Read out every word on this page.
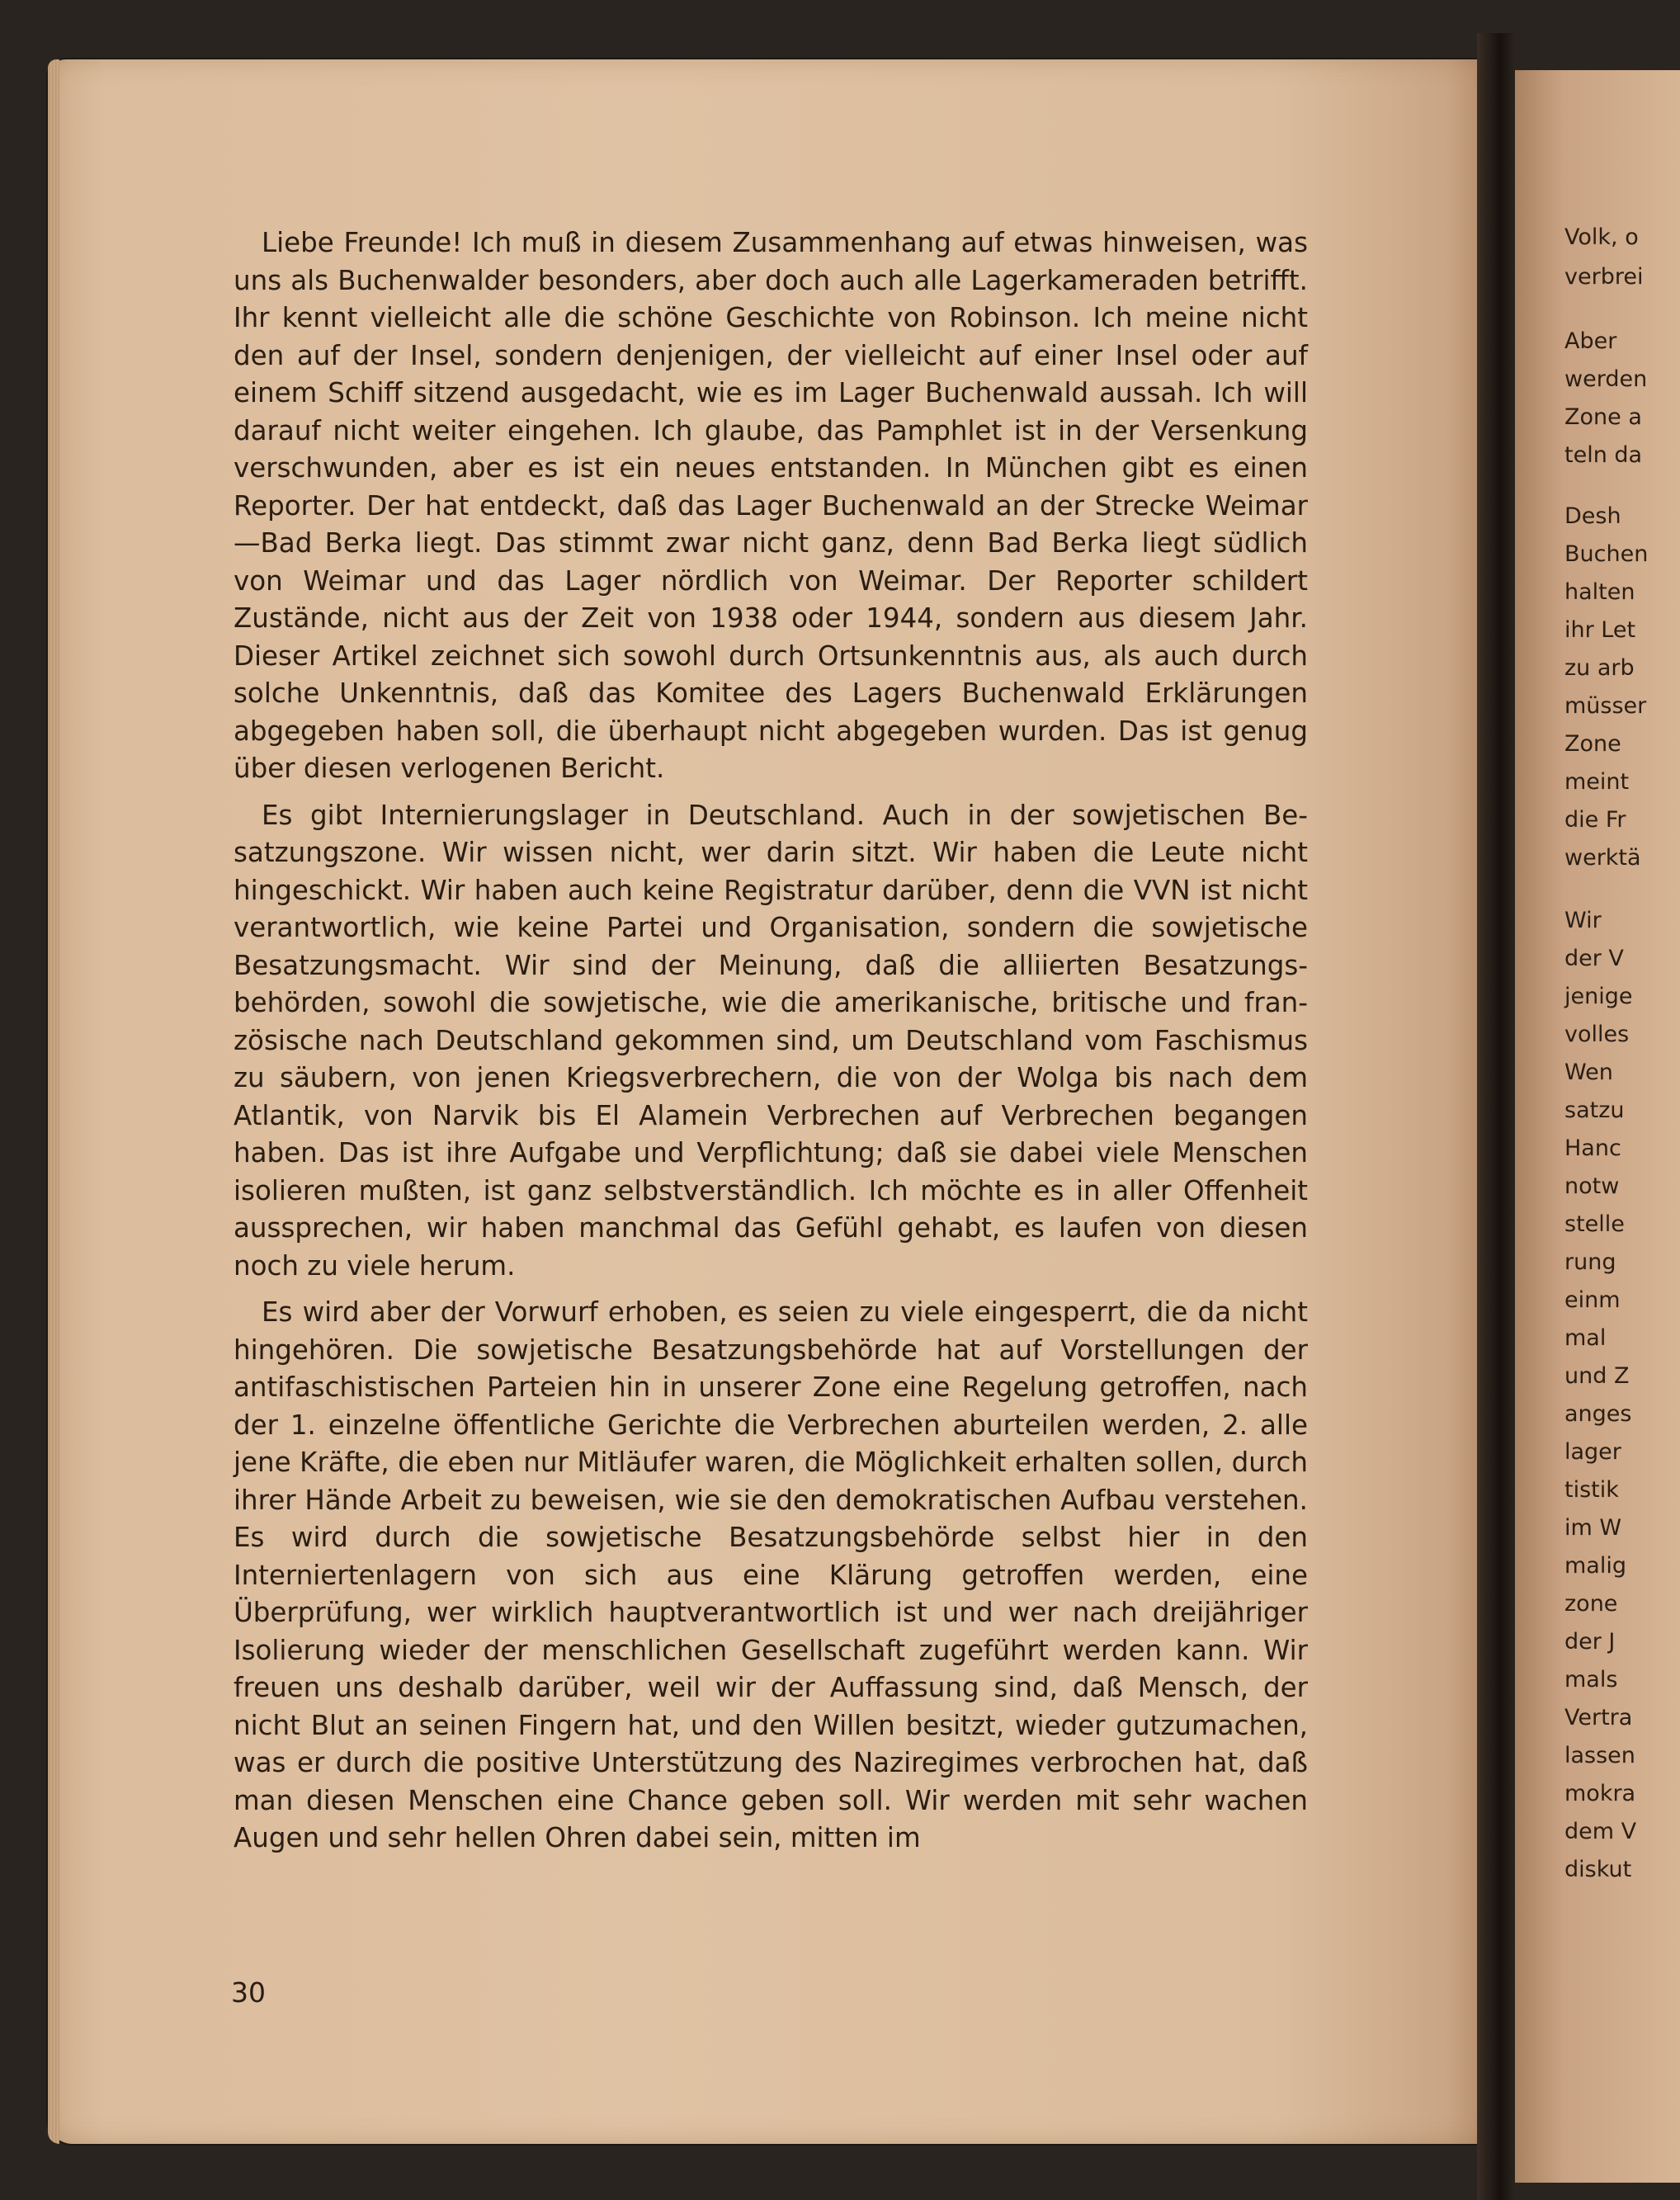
Liebe Freunde! Ich muß in diesem Zusammenhang auf etwas hinweisen, was uns als Buchenwalder besonders, aber doch auch alle Lagerkameraden betrifft. Ihr kennt vielleicht alle die schöne Geschichte von Robinson. Ich meine nicht den auf der Insel, sondern denjenigen, der vielleicht auf einer Insel oder auf einem Schiff sitzend ausgedacht, wie es im Lager Buchenwald aussah. Ich will darauf nicht weiter eingehen. Ich glaube, das Pamphlet ist in der Versenkung verschwunden, aber es ist ein neues entstanden. In München gibt es einen Reporter. Der hat entdeckt, daß das Lager Buchenwald an der Strecke Weimar—Bad Berka liegt. Das stimmt zwar nicht ganz, denn Bad Berka liegt südlich von Weimar und das Lager nördlich von Weimar. Der Reporter schildert Zustände, nicht aus der Zeit von 1938 oder 1944, sondern aus diesem Jahr. Dieser Artikel zeichnet sich sowohl durch Ortsunkenntnis aus, als auch durch solche Unkenntnis, daß das Komitee des Lagers Buchenwald Erklärungen abgegeben haben soll, die überhaupt nicht abgegeben wurden. Das ist genug über diesen verlogenen Bericht.

Es gibt Internierungslager in Deutschland. Auch in der sowjetischen Besatzungszone. Wir wissen nicht, wer darin sitzt. Wir haben die Leute nicht hingeschickt. Wir haben auch keine Registratur darüber, denn die VVN ist nicht verantwortlich, wie keine Partei und Organisation, sondern die sowjetische Besatzungsmacht. Wir sind der Meinung, daß die alliierten Besatzungsbehörden, sowohl die sowjetische, wie die amerikanische, britische und französische nach Deutschland gekommen sind, um Deutschland vom Faschismus zu säubern, von jenen Kriegsverbrechern, die von der Wolga bis nach dem Atlantik, von Narvik bis El Alamein Verbrechen auf Verbrechen begangen haben. Das ist ihre Aufgabe und Verpflichtung; daß sie dabei viele Menschen isolieren mußten, ist ganz selbstverständlich. Ich möchte es in aller Offenheit aussprechen, wir haben manchmal das Gefühl gehabt, es laufen von diesen noch zu viele herum.

Es wird aber der Vorwurf erhoben, es seien zu viele eingesperrt, die da nicht hingehören. Die sowjetische Besatzungsbehörde hat auf Vorstellungen der antifaschistischen Parteien hin in unserer Zone eine Regelung getroffen, nach der 1. einzelne öffentliche Gerichte die Verbrechen aburteilen werden, 2. alle jene Kräfte, die eben nur Mitläufer waren, die Möglichkeit erhalten sollen, durch ihrer Hände Arbeit zu beweisen, wie sie den demokratischen Aufbau verstehen. Es wird durch die sowjetische Besatzungsbehörde selbst hier in den Interniertenlagern von sich aus eine Klärung getroffen werden, eine Überprüfung, wer wirklich hauptverantwortlich ist und wer nach dreijähriger Isolierung wieder der menschlichen Gesellschaft zugeführt werden kann. Wir freuen uns deshalb darüber, weil wir der Auffassung sind, daß Mensch, der nicht Blut an seinen Fingern hat, und den Willen besitzt, wieder gutzumachen, was er durch die positive Unterstützung des Naziregimes verbrochen hat, daß man diesen Menschen eine Chance geben soll. Wir werden mit sehr wachen Augen und sehr hellen Ohren dabei sein, mitten im

30
Volk, o
verbrei
Aber
werden
Zone a
teln da
Desh
Buchen
halten
ihr Let
zu arb
müsser
Zone
meint
die Fr
werktä
Wir
der V
jenige
volles
Wen
satzu
Hanc
notw
stelle
rung
einm
mal
und Z
anges
lager
tistik
im W
malig
zone
der J
mals
Vertra
lassen
mokra
dem V
diskut
